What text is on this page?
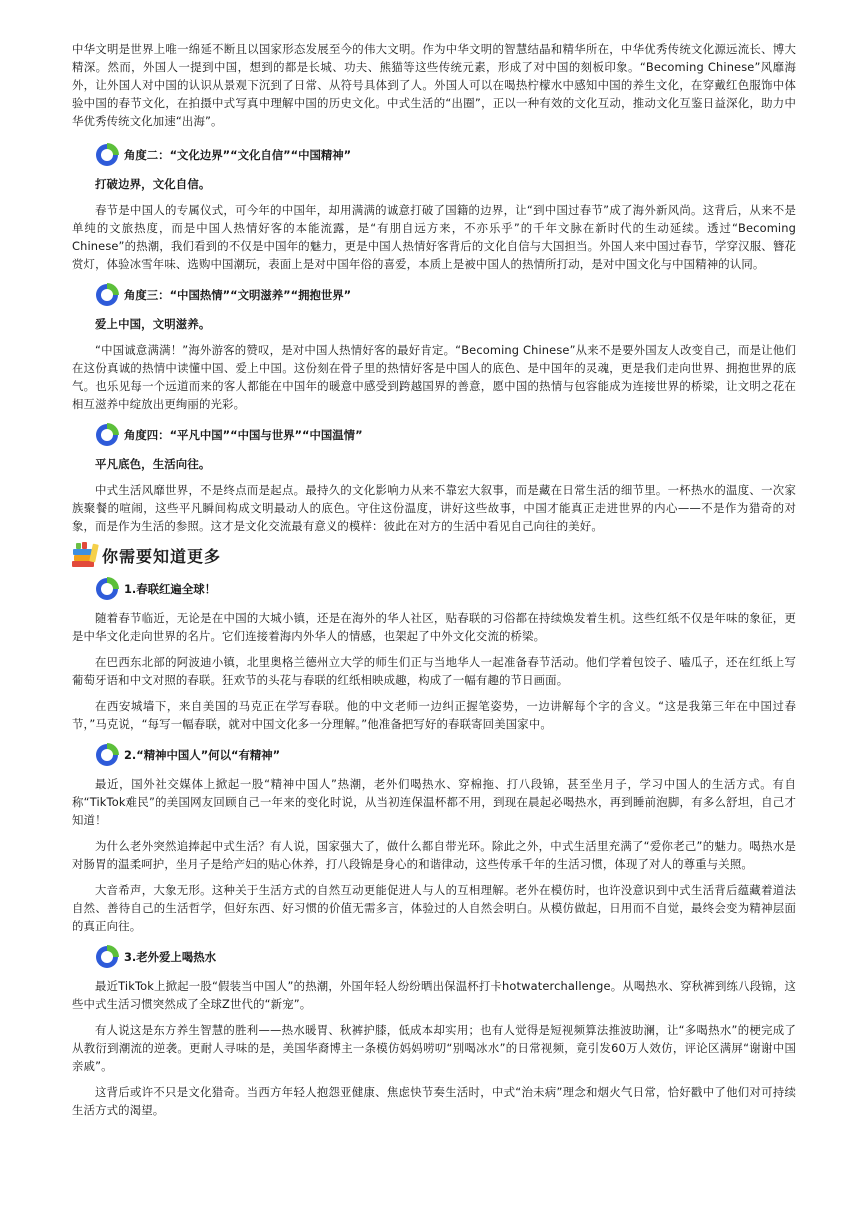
中华文明是世界上唯一绵延不断且以国家形态发展至今的伟大文明。作为中华文明的智慧结晶和精华所在，中华优秀传统文化源远流长、博大精深。然而，外国人一提到中国，想到的都是长城、功夫、熊猫等这些传统元素，形成了对中国的刻板印象。“Becoming Chinese”风靡海外，让外国人对中国的认识从景观下沉到了日常、从符号具体到了人。外国人可以在喝热柠檬水中感知中国的养生文化，在穿戴红色服饰中体验中国的春节文化，在拍摄中式写真中理解中国的历史文化。中式生活的“出圈”，正以一种有效的文化互动，推动文化互鉴日益深化，助力中华优秀传统文化加速“出海”。

角度二：“文化边界”“文化自信”“中国精神”

打破边界，文化自信。

春节是中国人的专属仪式，可今年的中国年，却用满满的诚意打破了国籍的边界，让“到中国过春节”成了海外新风尚。这背后，从来不是单纯的文旅热度，而是中国人热情好客的本能流露，是“有朋自远方来，不亦乐乎”的千年文脉在新时代的生动延续。透过“Becoming Chinese”的热潮，我们看到的不仅是中国年的魅力，更是中国人热情好客背后的文化自信与大国担当。外国人来中国过春节，学穿汉服、簪花赏灯，体验冰雪年味、选购中国潮玩，表面上是对中国年俗的喜爱，本质上是被中国人的热情所打动，是对中国文化与中国精神的认同。

角度三：“中国热情”“文明滋养”“拥抱世界”

爱上中国，文明滋养。

“中国诚意满满！”海外游客的赞叹，是对中国人热情好客的最好肯定。“Becoming Chinese”从来不是要外国友人改变自己，而是让他们在这份真诚的热情中读懂中国、爱上中国。这份刻在骨子里的热情好客是中国人的底色、是中国年的灵魂，更是我们走向世界、拥抱世界的底气。也乐见每一个远道而来的客人都能在中国年的暖意中感受到跨越国界的善意，愿中国的热情与包容能成为连接世界的桥梁，让文明之花在相互滋养中绽放出更绚丽的光彩。

角度四：“平凡中国”“中国与世界”“中国温情”

平凡底色，生活向往。

中式生活风靡世界，不是终点而是起点。最持久的文化影响力从来不靠宏大叙事，而是藏在日常生活的细节里。一杯热水的温度、一次家族聚餐的喧闹，这些平凡瞬间构成文明最动人的底色。守住这份温度，讲好这些故事，中国才能真正走进世界的内心——不是作为猎奇的对象，而是作为生活的参照。这才是文化交流最有意义的模样：彼此在对方的生活中看见自己向往的美好。

你需要知道更多
1.春联红遍全球！

随着春节临近，无论是在中国的大城小镇，还是在海外的华人社区，贴春联的习俗都在持续焕发着生机。这些红纸不仅是年味的象征，更是中华文化走向世界的名片。它们连接着海内外华人的情感，也架起了中外文化交流的桥梁。

在巴西东北部的阿波迪小镇，北里奥格兰德州立大学的师生们正与当地华人一起准备春节活动。他们学着包饺子、嗑瓜子，还在红纸上写葡萄牙语和中文对照的春联。狂欢节的头花与春联的红纸相映成趣，构成了一幅有趣的节日画面。

在西安城墙下，来自美国的马克正在学写春联。他的中文老师一边纠正握笔姿势，一边讲解每个字的含义。“这是我第三年在中国过春节，”马克说，“每写一幅春联，就对中国文化多一分理解。”他准备把写好的春联寄回美国家中。

2.“精神中国人”何以“有精神”

最近，国外社交媒体上掀起一股“精神中国人”热潮，老外们喝热水、穿棉拖、打八段锦，甚至坐月子，学习中国人的生活方式。有自称“TikTok难民”的美国网友回顾自己一年来的变化时说，从当初连保温杯都不用，到现在晨起必喝热水，再到睡前泡脚，有多么舒坦，自己才知道！

为什么老外突然追捧起中式生活？有人说，国家强大了，做什么都自带光环。除此之外，中式生活里充满了“爱你老己”的魅力。喝热水是对肠胃的温柔呵护，坐月子是给产妇的贴心休养，打八段锦是身心的和谐律动，这些传承千年的生活习惯，体现了对人的尊重与关照。

大音希声，大象无形。这种关于生活方式的自然互动更能促进人与人的互相理解。老外在模仿时，也许没意识到中式生活背后蕴藏着道法自然、善待自己的生活哲学，但好东西、好习惯的价值无需多言，体验过的人自然会明白。从模仿做起，日用而不自觉，最终会变为精神层面的真正向往。

3.老外爱上喝热水

最近TikTok上掀起一股“假装当中国人”的热潮，外国年轻人纷纷晒出保温杯打卡hotwaterchallenge。从喝热水、穿秋裤到练八段锦，这些中式生活习惯突然成了全球Z世代的“新宠”。

有人说这是东方养生智慧的胜利——热水暖胃、秋裤护膝，低成本却实用；也有人觉得是短视频算法推波助澜，让“多喝热水”的梗完成了从教衍到潮流的逆袭。更耐人寻味的是，美国华裔博主一条模仿妈妈唠叨“别喝冰水”的日常视频，竟引发60万人效仿，评论区满屏“谢谢中国亲戚”。

这背后或许不只是文化猎奇。当西方年轻人抱怨亚健康、焦虑快节奏生活时，中式“治未病”理念和烟火气日常，恰好戳中了他们对可持续生活方式的渴望。
